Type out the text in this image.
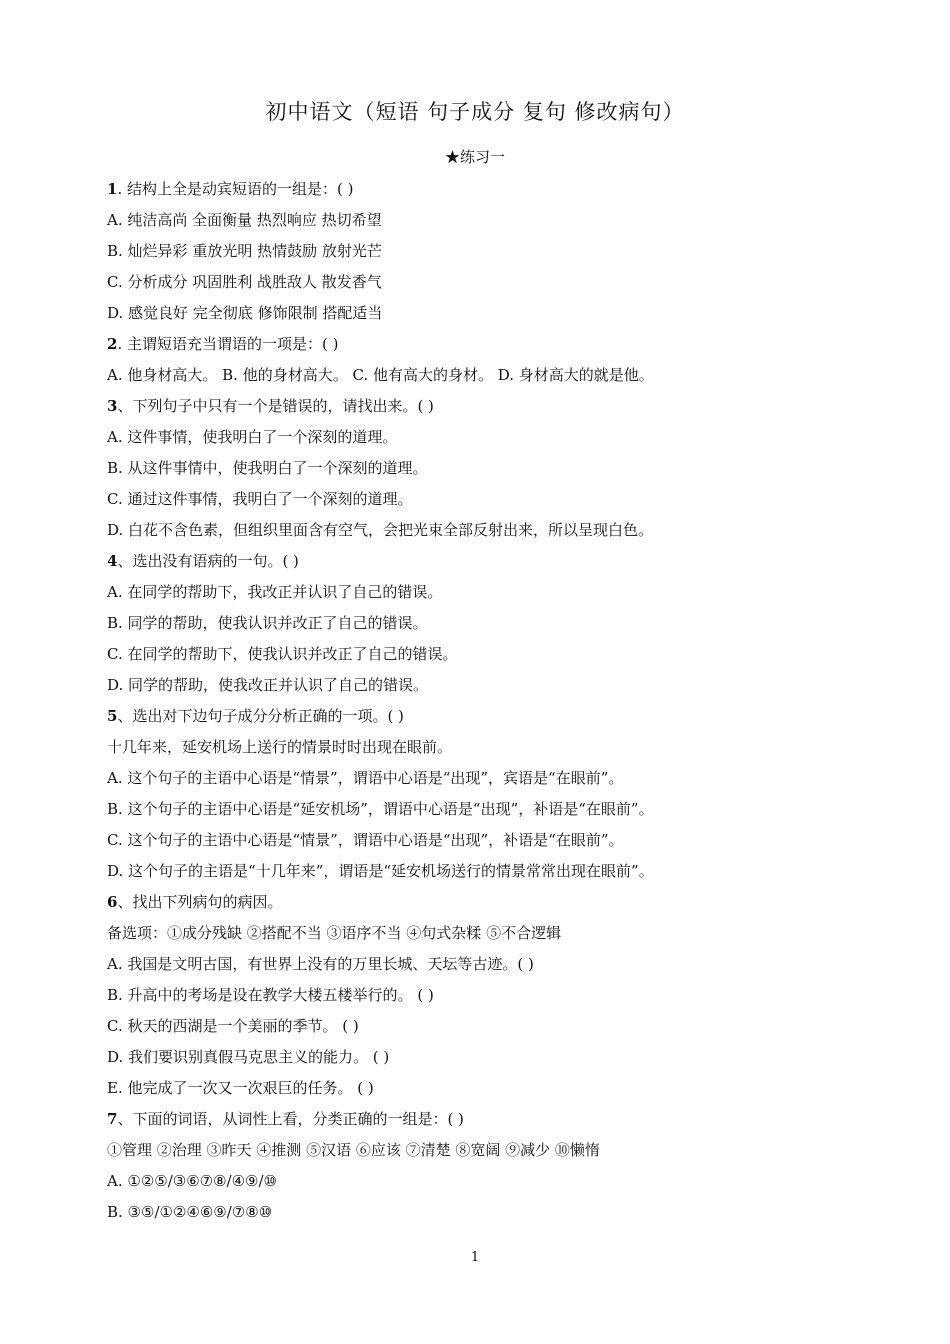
初中语文（短语 句子成分 复句 修改病句）
★练习一
1. 结构上全是动宾短语的一组是：( )
A. 纯洁高尚 全面衡量 热烈响应 热切希望
B. 灿烂异彩 重放光明 热情鼓励 放射光芒
C. 分析成分 巩固胜利 战胜敌人 散发香气
D. 感觉良好 完全彻底 修饰限制 搭配适当
2. 主谓短语充当谓语的一项是：( )
A. 他身材高大。 B. 他的身材高大。 C. 他有高大的身材。 D. 身材高大的就是他。
3、下列句子中只有一个是错误的，请找出来。( )
A. 这件事情，使我明白了一个深刻的道理。
B. 从这件事情中，使我明白了一个深刻的道理。
C. 通过这件事情，我明白了一个深刻的道理。
D. 白花不含色素，但组织里面含有空气，会把光束全部反射出来，所以呈现白色。
4、选出没有语病的一句。( )
A. 在同学的帮助下，我改正并认识了自己的错误。
B. 同学的帮助，使我认识并改正了自己的错误。
C. 在同学的帮助下，使我认识并改正了自己的错误。
D. 同学的帮助，使我改正并认识了自己的错误。
5、选出对下边句子成分分析正确的一项。( )
十几年来，延安机场上送行的情景时时出现在眼前。
A. 这个句子的主语中心语是“情景”，谓语中心语是“出现”，宾语是“在眼前”。
B. 这个句子的主语中心语是“延安机场”，谓语中心语是“出现”，补语是“在眼前”。
C. 这个句子的主语中心语是“情景”，谓语中心语是“出现”，补语是“在眼前”。
D. 这个句子的主语是“十几年来”，谓语是“延安机场送行的情景常常出现在眼前”。
6、找出下列病句的病因。
备选项：①成分残缺 ②搭配不当 ③语序不当 ④句式杂糅 ⑤不合逻辑
A. 我国是文明古国，有世界上没有的万里长城、天坛等古迹。( )
B. 升高中的考场是设在教学大楼五楼举行的。 ( )
C. 秋天的西湖是一个美丽的季节。 ( )
D. 我们要识别真假马克思主义的能力。 ( )
E. 他完成了一次又一次艰巨的任务。 ( )
7、下面的词语，从词性上看，分类正确的一组是：( )
①管理 ②治理 ③昨天 ④推测 ⑤汉语 ⑥应该 ⑦清楚 ⑧宽阔 ⑨减少 ⑩懒惰
A. ①②⑤/③⑥⑦⑧/④⑨/⑩
B. ③⑤/①②④⑥⑨/⑦⑧⑩
1
